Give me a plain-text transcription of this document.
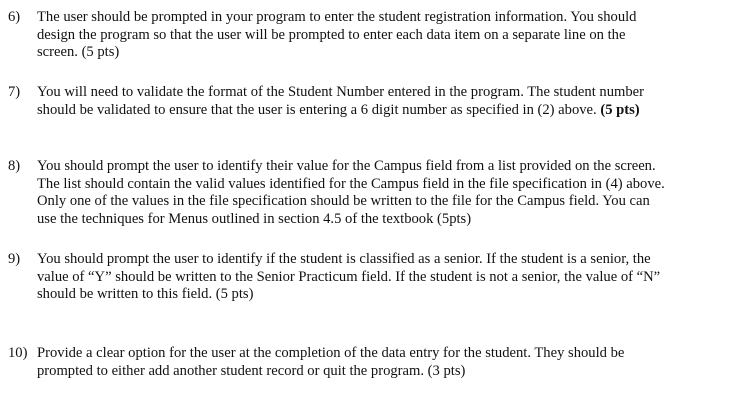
6)	The user should be prompted in your program to enter the student registration information. You should
design the program so that the user will be prompted to enter each data item on a separate line on the
screen. (5 pts)
7)	You will need to validate the format of the Student Number entered in the program. The student number
should be validated to ensure that the user is entering a 6 digit number as specified in (2) above. (5 pts)
8)	You should prompt the user to identify their value for the Campus field from a list provided on the screen.
The list should contain the valid values identified for the Campus field in the file specification in (4) above.
Only one of the values in the file specification should be written to the file for the Campus field. You can
use the techniques for Menus outlined in section 4.5 of the textbook (5pts)
9)	You should prompt the user to identify if the student is classified as a senior. If the student is a senior, the
value of “Y” should be written to the Senior Practicum field. If the student is not a senior, the value of “N”
should be written to this field. (5 pts)
10) Provide a clear option for the user at the completion of the data entry for the student. They should be
prompted to either add another student record or quit the program. (3 pts)
